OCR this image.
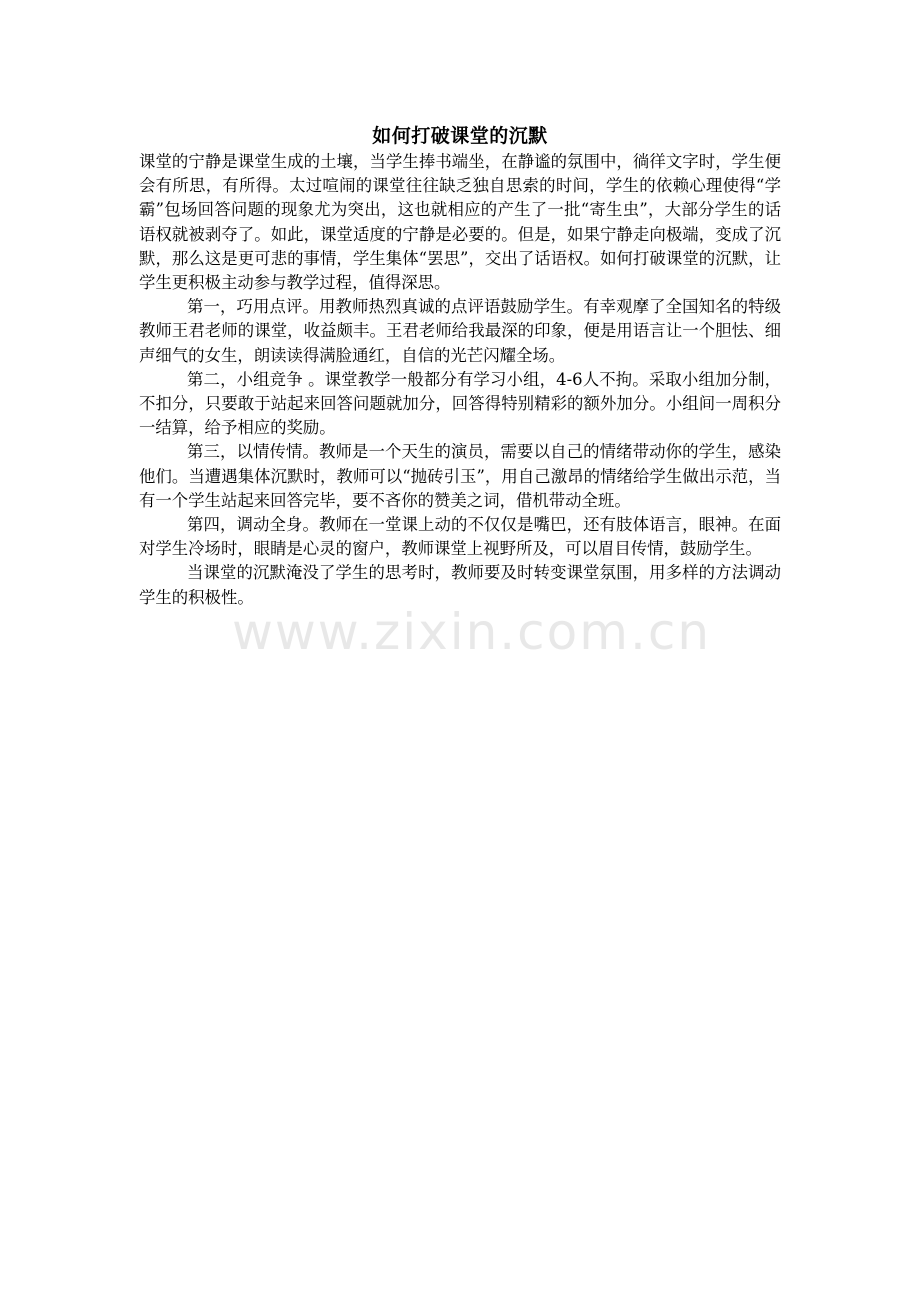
如何打破课堂的沉默

课堂的宁静是课堂生成的土壤，当学生捧书端坐，在静谧的氛围中，徜徉文字时，学生便会有所思，有所得。太过喧闹的课堂往往缺乏独自思索的时间，学生的依赖心理使得“学霸”包场回答问题的现象尤为突出，这也就相应的产生了一批“寄生虫”，大部分学生的话语权就被剥夺了。如此，课堂适度的宁静是必要的。但是，如果宁静走向极端，变成了沉默，那么这是更可悲的事情，学生集体“罢思”，交出了话语权。如何打破课堂的沉默，让学生更积极主动参与教学过程，值得深思。

第一，巧用点评。用教师热烈真诚的点评语鼓励学生。有幸观摩了全国知名的特级教师王君老师的课堂，收益颇丰。王君老师给我最深的印象，便是用语言让一个胆怯、细声细气的女生，朗读读得满脸通红，自信的光芒闪耀全场。

第二，小组竞争 。课堂教学一般都分有学习小组，4-6人不拘。采取小组加分制，不扣分，只要敢于站起来回答问题就加分，回答得特别精彩的额外加分。小组间一周积分一结算，给予相应的奖励。

第三，以情传情。教师是一个天生的演员，需要以自己的情绪带动你的学生，感染他们。当遭遇集体沉默时，教师可以“抛砖引玉”，用自己激昂的情绪给学生做出示范，当有一个学生站起来回答完毕，要不吝你的赞美之词，借机带动全班。

第四，调动全身。教师在一堂课上动的不仅仅是嘴巴，还有肢体语言，眼神。在面对学生冷场时，眼睛是心灵的窗户，教师课堂上视野所及，可以眉目传情，鼓励学生。

当课堂的沉默淹没了学生的思考时，教师要及时转变课堂氛围，用多样的方法调动学生的积极性。

www.zixin.com.cn
